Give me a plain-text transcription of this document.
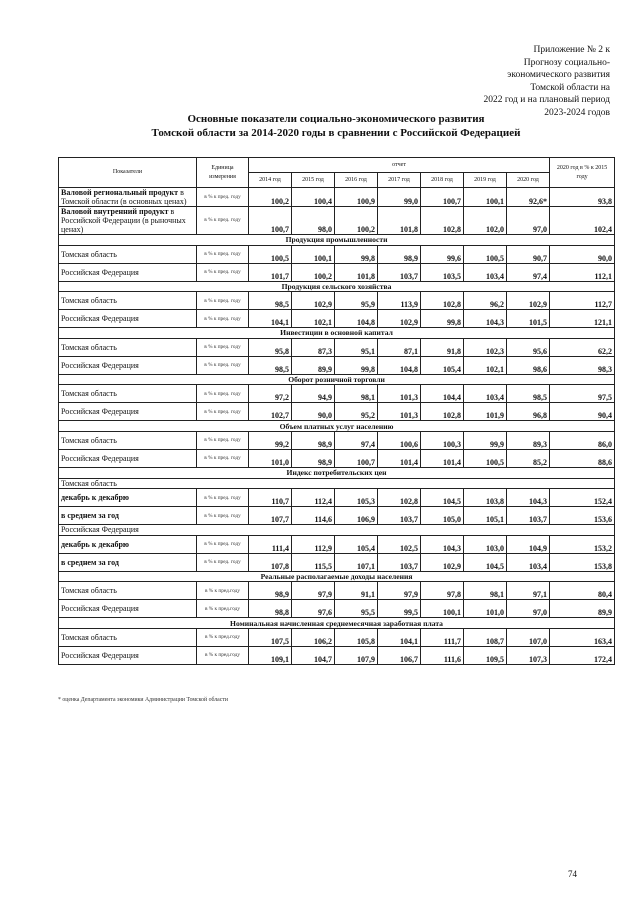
Приложение № 2 к
Прогнозу социально-
экономического развития
Томской области на
2022 год и на плановый период
2023-2024 годов
Основные показатели социально-экономического развития
Томской области за 2014-2020 годы в сравнении с Российской Федерацией
Показатели	Единица измерения	отчет							2020 год в % к 2015 году
		2014 год	2015 год	2016 год	2017 год	2018 год	2019 год	2020 год	
Валовой региональный продукт в Томской области (в основных ценах)	в % к пред. году	100,2	100,4	100,9	99,0	100,7	100,1	92,6*	93,8
Валовой внутренний продукт в Российской Федерации (в рыночных ценах)	в % к пред. году	100,7	98,0	100,2	101,8	102,8	102,0	97,0	102,4
Продукция промышленности									
Томская область	в % к пред. году	100,5	100,1	99,8	98,9	99,6	100,5	90,7	90,0
Российская Федерация	в % к пред. году	101,7	100,2	101,8	103,7	103,5	103,4	97,4	112,1
Продукция сельского хозяйства									
Томская область	в % к пред. году	98,5	102,9	95,9	113,9	102,8	96,2	102,9	112,7
Российская Федерация	в % к пред. году	104,1	102,1	104,8	102,9	99,8	104,3	101,5	121,1
Инвестиции в основной капитал									
Томская область	в % к пред. году	95,8	87,3	95,1	87,1	91,8	102,3	95,6	62,2
Российская Федерация	в % к пред. году	98,5	89,9	99,8	104,8	105,4	102,1	98,6	98,3
Оборот розничной торговли									
Томская область	в % к пред. году	97,2	94,9	98,1	101,3	104,4	103,4	98,5	97,5
Российская Федерация	в % к пред. году	102,7	90,0	95,2	101,3	102,8	101,9	96,8	90,4
Объем платных услуг населению									
Томская область	в % к пред. году	99,2	98,9	97,4	100,6	100,3	99,9	89,3	86,0
Российская Федерация	в % к пред. году	101,0	98,9	100,7	101,4	101,4	100,5	85,2	88,6
Индекс потребительских цен									
Томская область									
декабрь к декабрю	в % к пред. году	110,7	112,4	105,3	102,8	104,5	103,8	104,3	152,4
в среднем за год	в % к пред. году	107,7	114,6	106,9	103,7	105,0	105,1	103,7	153,6
Российская Федерация									
декабрь к декабрю	в % к пред. году	111,4	112,9	105,4	102,5	104,3	103,0	104,9	153,2
в среднем за год	в % к пред. году	107,8	115,5	107,1	103,7	102,9	104,5	103,4	153,8
Реальные располагаемые доходы населения									
Томская область	в % к пред.году	98,9	97,9	91,1	97,9	97,8	98,1	97,1	80,4
Российская Федерация	в % к пред.году	98,8	97,6	95,5	99,5	100,1	101,0	97,0	89,9
Номинальная начисленная среднемесячная заработная плата									
Томская область	в % к пред.году	107,5	106,2	105,8	104,1	111,7	108,7	107,0	163,4
Российская Федерация	в % к пред.году	109,1	104,7	107,9	106,7	111,6	109,5	107,3	172,4
* оценка Департамента экономики Администрации Томской области
74
